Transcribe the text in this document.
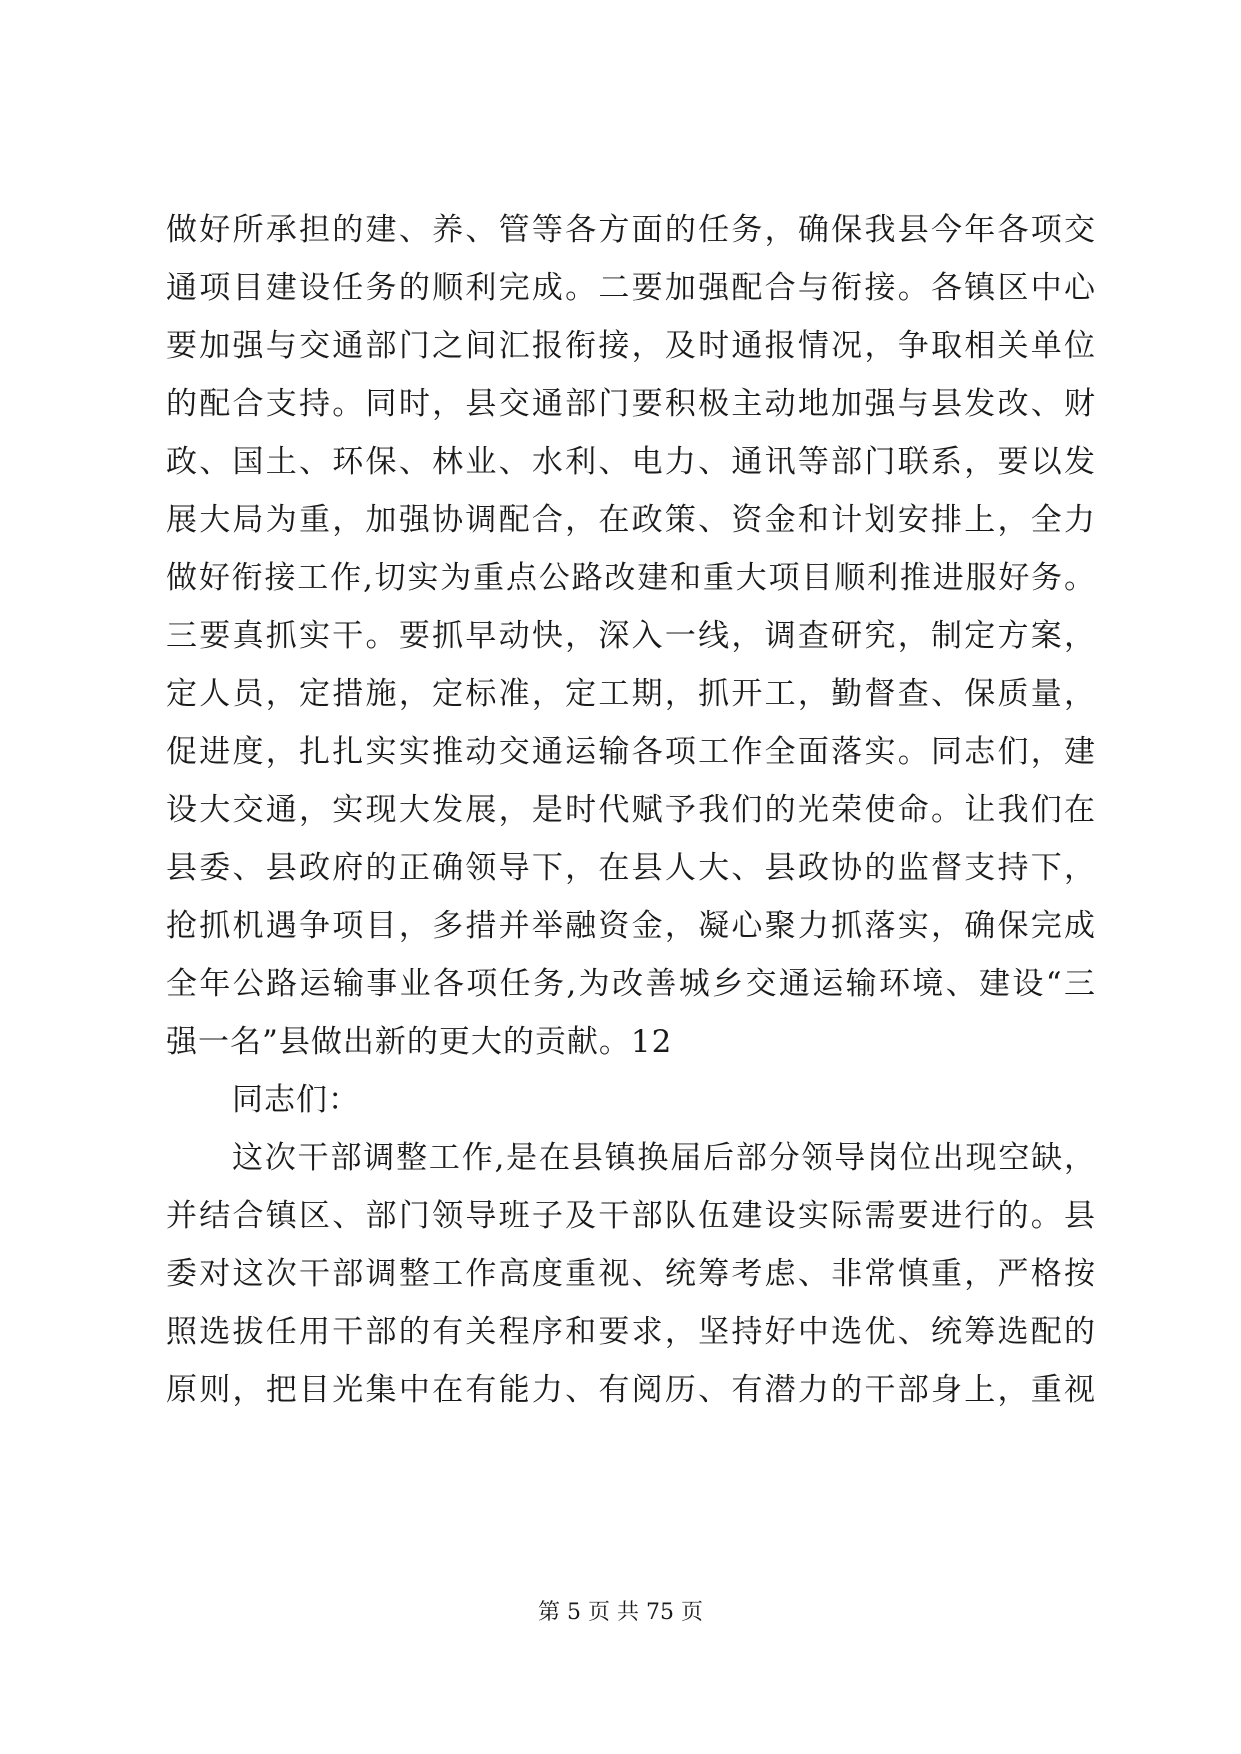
做好所承担的建、养、管等各方面的任务，确保我县今年各项交
通项目建设任务的顺利完成。二要加强配合与衔接。各镇区中心
要加强与交通部门之间汇报衔接，及时通报情况，争取相关单位
的配合支持。同时，县交通部门要积极主动地加强与县发改、财
政、国土、环保、林业、水利、电力、通讯等部门联系，要以发
展大局为重，加强协调配合，在政策、资金和计划安排上，全力
做好衔接工作,切实为重点公路改建和重大项目顺利推进服好务。
三要真抓实干。要抓早动快，深入一线，调查研究，制定方案，
定人员，定措施，定标准，定工期，抓开工，勤督查、保质量，
促进度，扎扎实实推动交通运输各项工作全面落实。同志们，建
设大交通，实现大发展，是时代赋予我们的光荣使命。让我们在
县委、县政府的正确领导下，在县人大、县政协的监督支持下，
抢抓机遇争项目，多措并举融资金，凝心聚力抓落实，确保完成
全年公路运输事业各项任务,为改善城乡交通运输环境、建设“三
强一名”县做出新的更大的贡献。12
同志们：
这次干部调整工作,是在县镇换届后部分领导岗位出现空缺，
并结合镇区、部门领导班子及干部队伍建设实际需要进行的。县
委对这次干部调整工作高度重视、统筹考虑、非常慎重，严格按
照选拔任用干部的有关程序和要求，坚持好中选优、统筹选配的
原则，把目光集中在有能力、有阅历、有潜力的干部身上，重视
第 5 页 共 75 页
